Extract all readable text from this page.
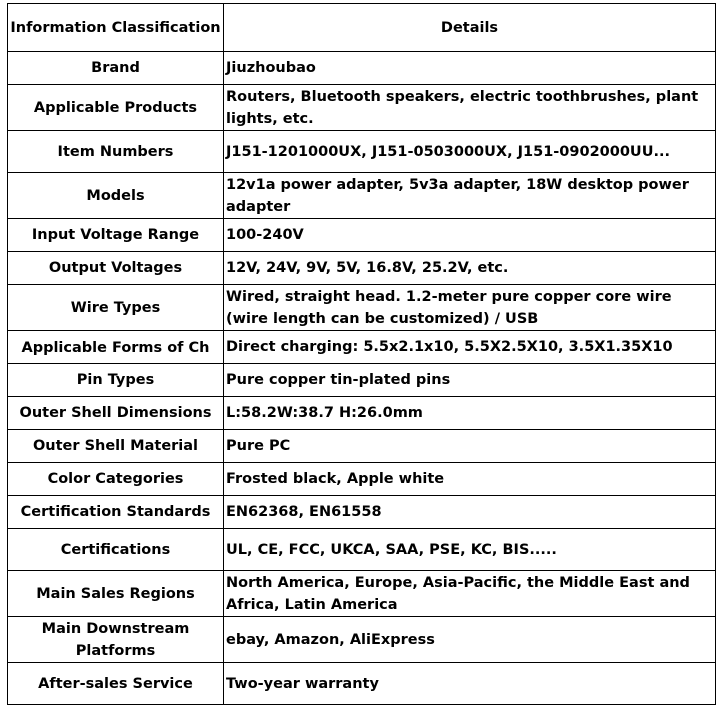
Information Classification	Details
Brand	Jiuzhoubao
Applicable Products	Routers, Bluetooth speakers, electric toothbrushes, plant lights, etc.
Item Numbers	J151-1201000UX, J151-0503000UX, J151-0902000UU...
Models	12v1a power adapter, 5v3a adapter, 18W desktop power adapter
Input Voltage Range	100-240V
Output Voltages	12V, 24V, 9V, 5V, 16.8V, 25.2V, etc.
Wire Types	Wired, straight head. 1.2-meter pure copper core wire (wire length can be customized) / USB

Applicable Forms of Ch	Direct charging: 5.5x2.1x10, 5.5X2.5X10, 3.5X1.35X10
Pin Types	Pure copper tin-plated pins
Outer Shell Dimensions	L:58.2W:38.7 H:26.0mm
Outer Shell Material	Pure PC
Color Categories	Frosted black, Apple white
Certification Standards	EN62368, EN61558
Certifications	UL, CE, FCC, UKCA, SAA, PSE, KC, BIS.....
Main Sales Regions	North America, Europe, Asia-Pacific, the Middle East and Africa, Latin America
Main Downstream Platforms	ebay, Amazon, AliExpress
After-sales Service	Two-year warranty
